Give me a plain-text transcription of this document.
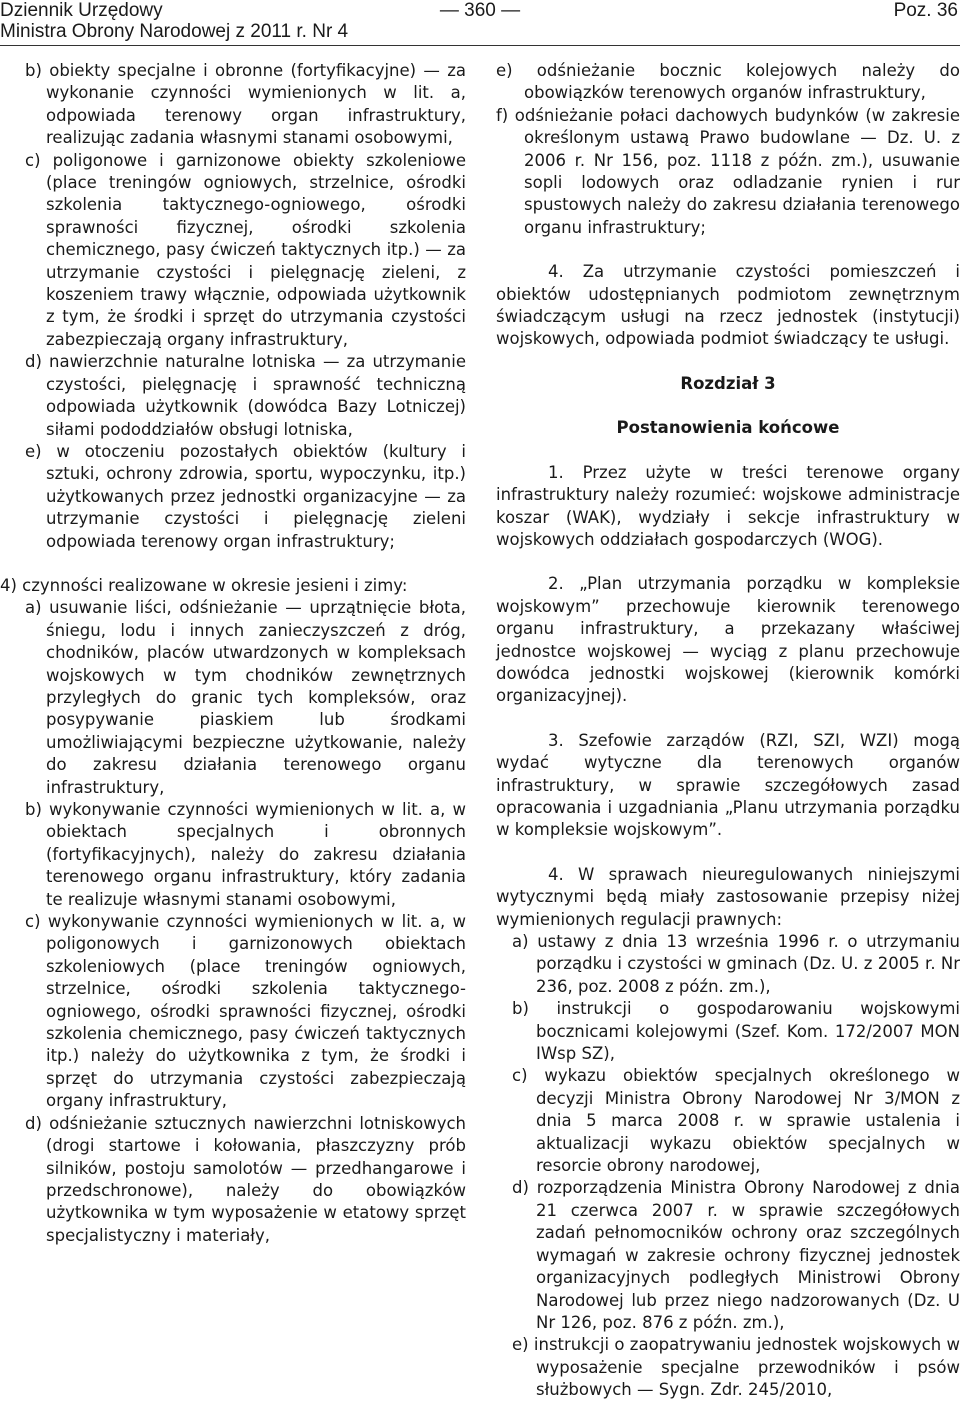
Dziennik Urzędowy
Ministra Obrony Narodowej z 2011 r. Nr 4
— 360 —	Poz. 36

b) obiekty specjalne i obronne (fortyfikacyjne) — za wykonanie czynności wymienionych w lit. a, odpowiada terenowy organ infrastruktury, realizując zadania własnymi stanami osobowymi,

c) poligonowe i garnizonowe obiekty szkoleniowe (place treningów ogniowych, strzelnice, ośrodki szkolenia taktycznego-ogniowego, ośrodki sprawności fizycznej, ośrodki szkolenia chemicznego, pasy ćwiczeń taktycznych itp.) — za utrzymanie czystości i pielęgnację zieleni, z koszeniem trawy włącznie, odpowiada użytkownik z tym, że środki i sprzęt do utrzymania czystości zabezpieczają organy infrastruktury,

d) nawierzchnie naturalne lotniska — za utrzymanie czystości, pielęgnację i sprawność techniczną odpowiada użytkownik (dowódca Bazy Lotniczej) siłami pododdziałów obsługi lotniska,

e) w otoczeniu pozostałych obiektów (kultury i sztuki, ochrony zdrowia, sportu, wypoczynku, itp.) użytkowanych przez jednostki organizacyjne — za utrzymanie czystości i pielęgnację zieleni odpowiada terenowy organ infrastruktury;

4) czynności realizowane w okresie jesieni i zimy:

a) usuwanie liści, odśnieżanie — uprzątnięcie błota, śniegu, lodu i innych zanieczyszczeń z dróg, chodników, placów utwardzonych w kompleksach wojskowych w tym chodników zewnętrznych przyległych do granic tych kompleksów, oraz posypywanie piaskiem lub środkami umożliwiającymi bezpieczne użytkowanie, należy do zakresu działania terenowego organu infrastruktury,

b) wykonywanie czynności wymienionych w lit. a, w obiektach specjalnych i obronnych (fortyfikacyjnych), należy do zakresu działania terenowego organu infrastruktury, który zadania te realizuje własnymi stanami osobowymi,

c) wykonywanie czynności wymienionych w lit. a, w poligonowych i garnizonowych obiektach szkoleniowych (place treningów ogniowych, strzelnice, ośrodki szkolenia taktycznego-ogniowego, ośrodki sprawności fizycznej, ośrodki szkolenia chemicznego, pasy ćwiczeń taktycznych itp.) należy do użytkownika z tym, że środki i sprzęt do utrzymania czystości zabezpieczają organy infrastruktury,

d) odśnieżanie sztucznych nawierzchni lotniskowych (drogi startowe i kołowania, płaszczyzny prób silników, postoju samolotów — przedhangarowe i przedschronowe), należy do obowiązków użytkownika w tym wyposażenie w etatowy sprzęt specjalistyczny i materiały,

e) odśnieżanie bocznic kolejowych należy do obowiązków terenowych organów infrastruktury,

f) odśnieżanie połaci dachowych budynków (w zakresie określonym ustawą Prawo budowlane — Dz. U. z 2006 r. Nr 156, poz. 1118 z późn. zm.), usuwanie sopli lodowych oraz odladzanie rynien i rur spustowych należy do zakresu działania terenowego organu infrastruktury;

4. Za utrzymanie czystości pomieszczeń i obiektów udostępnianych podmiotom zewnętrznym świadczącym usługi na rzecz jednostek (instytucji) wojskowych, odpowiada podmiot świadczący te usługi.

Rozdział 3

Postanowienia końcowe

1. Przez użyte w treści terenowe organy infrastruktury należy rozumieć: wojskowe administracje koszar (WAK), wydziały i sekcje infrastruktury w wojskowych oddziałach gospodarczych (WOG).

2. „Plan utrzymania porządku w kompleksie wojskowym” przechowuje kierownik terenowego organu infrastruktury, a przekazany właściwej jednostce wojskowej — wyciąg z planu przechowuje dowódca jednostki wojskowej (kierownik komórki organizacyjnej).

3. Szefowie zarządów (RZI, SZI, WZI) mogą wydać wytyczne dla terenowych organów infrastruktury, w sprawie szczegółowych zasad opracowania i uzgadniania „Planu utrzymania porządku w kompleksie wojskowym”.

4. W sprawach nieuregulowanych niniejszymi wytycznymi będą miały zastosowanie przepisy niżej wymienionych regulacji prawnych:

a) ustawy z dnia 13 września 1996 r. o utrzymaniu porządku i czystości w gminach (Dz. U. z 2005 r. Nr 236, poz. 2008 z późn. zm.),

b) instrukcji o gospodarowaniu wojskowymi bocznicami kolejowymi (Szef. Kom. 172/2007 MON IWsp SZ),

c) wykazu obiektów specjalnych określonego w decyzji Ministra Obrony Narodowej Nr 3/MON z dnia 5 marca 2008 r. w sprawie ustalenia i aktualizacji wykazu obiektów specjalnych w resorcie obrony narodowej,

d) rozporządzenia Ministra Obrony Narodowej z dnia 21 czerwca 2007 r. w sprawie szczegółowych zadań pełnomocników ochrony oraz szczególnych wymagań w zakresie ochrony fizycznej jednostek organizacyjnych podległych Ministrowi Obrony Narodowej lub przez niego nadzorowanych (Dz. U Nr 126, poz. 876 z późn. zm.),

e) instrukcji o zaopatrywaniu jednostek wojskowych w wyposażenie specjalne przewodników i psów służbowych — Sygn. Zdr. 245/2010,
